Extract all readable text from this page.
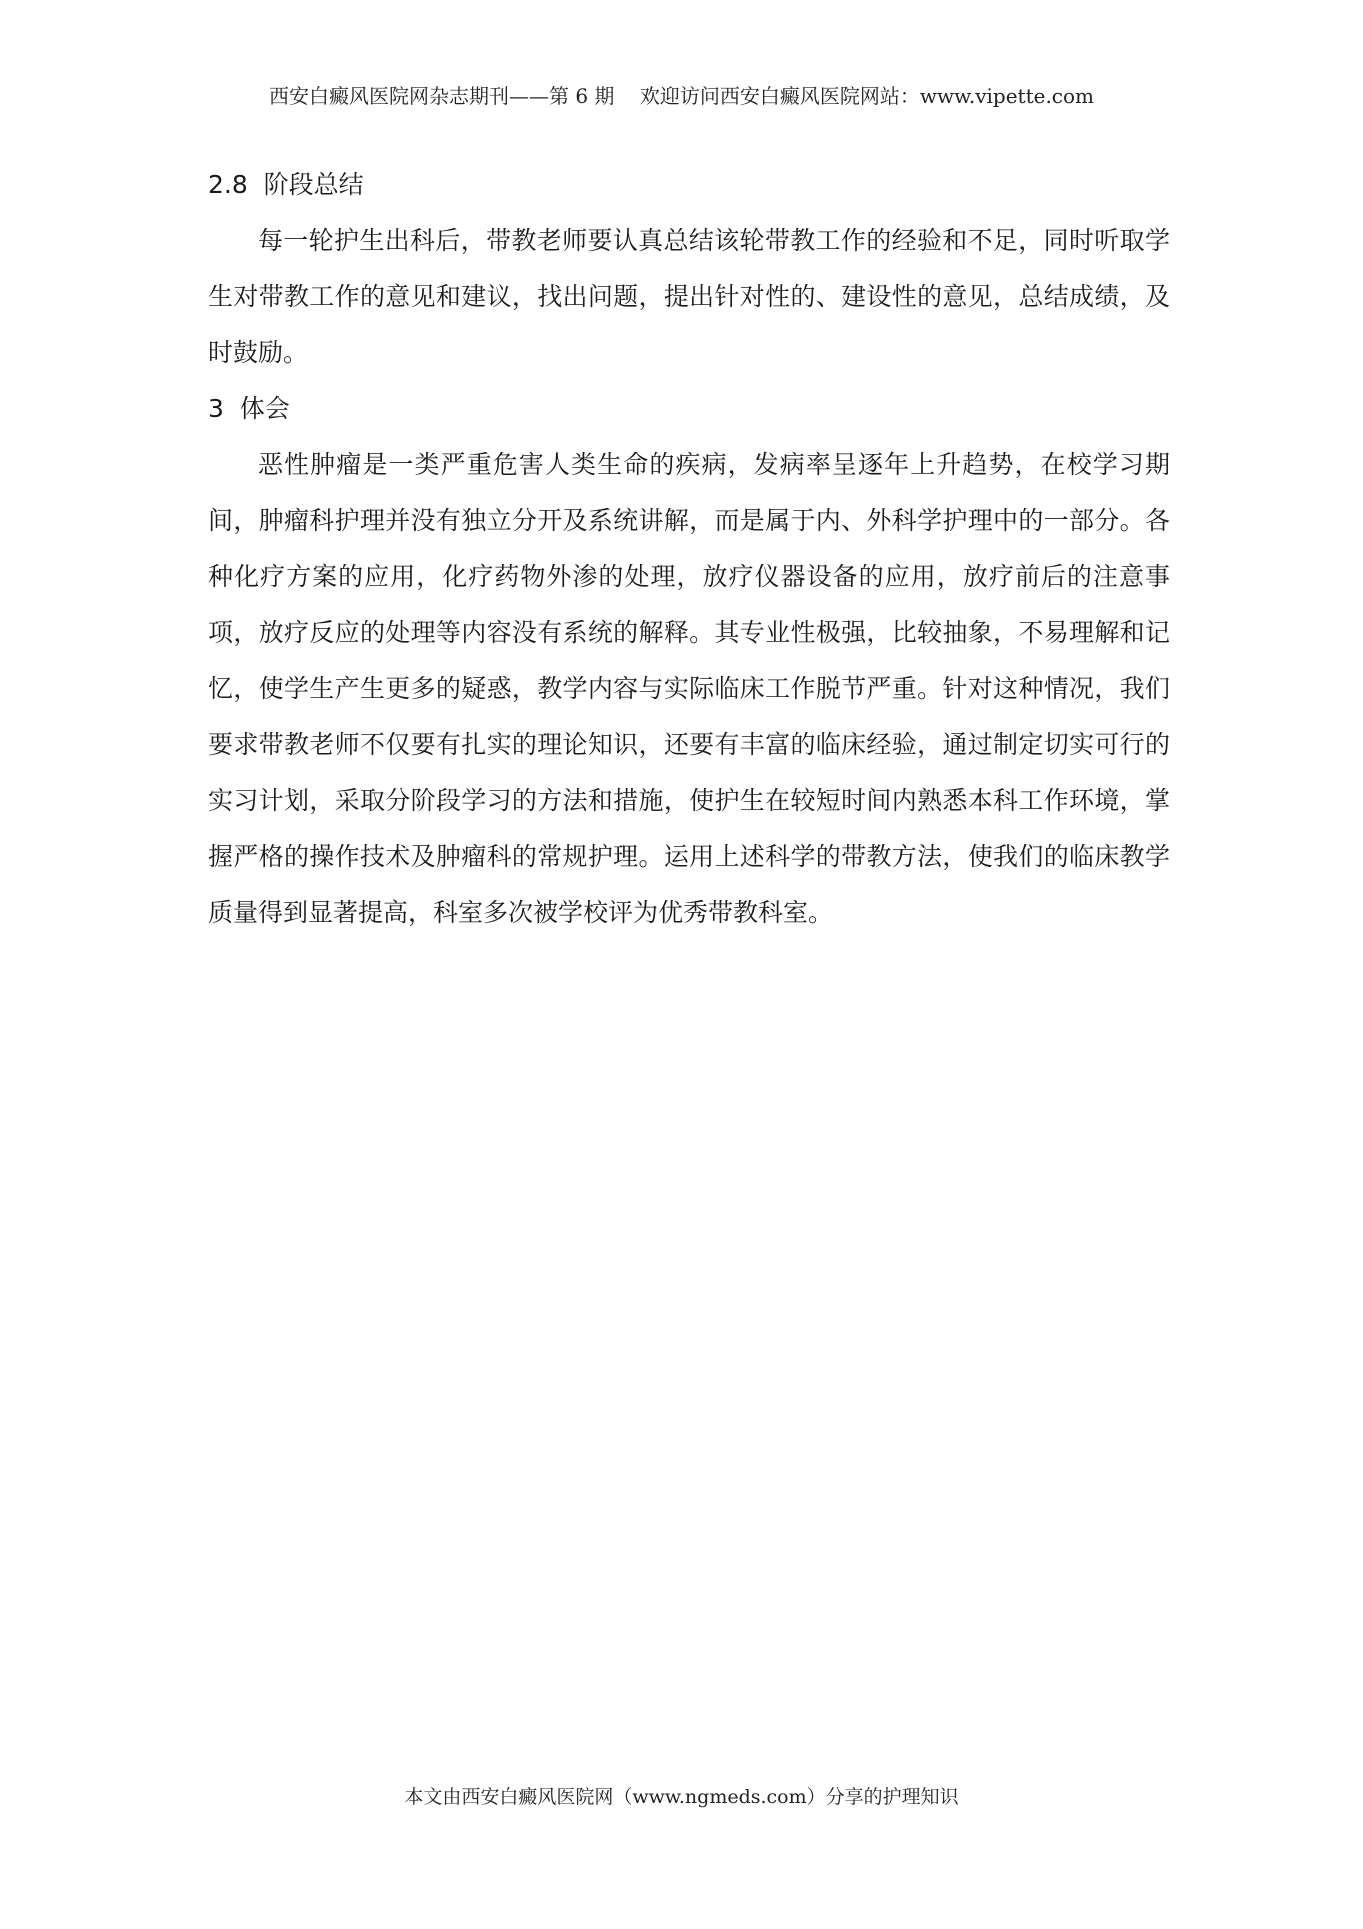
西安白癜风医院网杂志期刊——第 6 期    欢迎访问西安白癜风医院网站：www.vipette.com

2.8  阶段总结

每一轮护生出科后，带教老师要认真总结该轮带教工作的经验和不足，同时听取学生对带教工作的意见和建议，找出问题，提出针对性的、建设性的意见，总结成绩，及时鼓励。

3  体会

恶性肿瘤是一类严重危害人类生命的疾病，发病率呈逐年上升趋势，在校学习期间，肿瘤科护理并没有独立分开及系统讲解，而是属于内、外科学护理中的一部分。各种化疗方案的应用，化疗药物外渗的处理，放疗仪器设备的应用，放疗前后的注意事项，放疗反应的处理等内容没有系统的解释。其专业性极强，比较抽象，不易理解和记忆，使学生产生更多的疑惑，教学内容与实际临床工作脱节严重。针对这种情况，我们要求带教老师不仅要有扎实的理论知识，还要有丰富的临床经验，通过制定切实可行的实习计划，采取分阶段学习的方法和措施，使护生在较短时间内熟悉本科工作环境，掌握严格的操作技术及肿瘤科的常规护理。运用上述科学的带教方法，使我们的临床教学质量得到显著提高，科室多次被学校评为优秀带教科室。

本文由西安白癜风医院网（www.ngmeds.com）分享的护理知识
